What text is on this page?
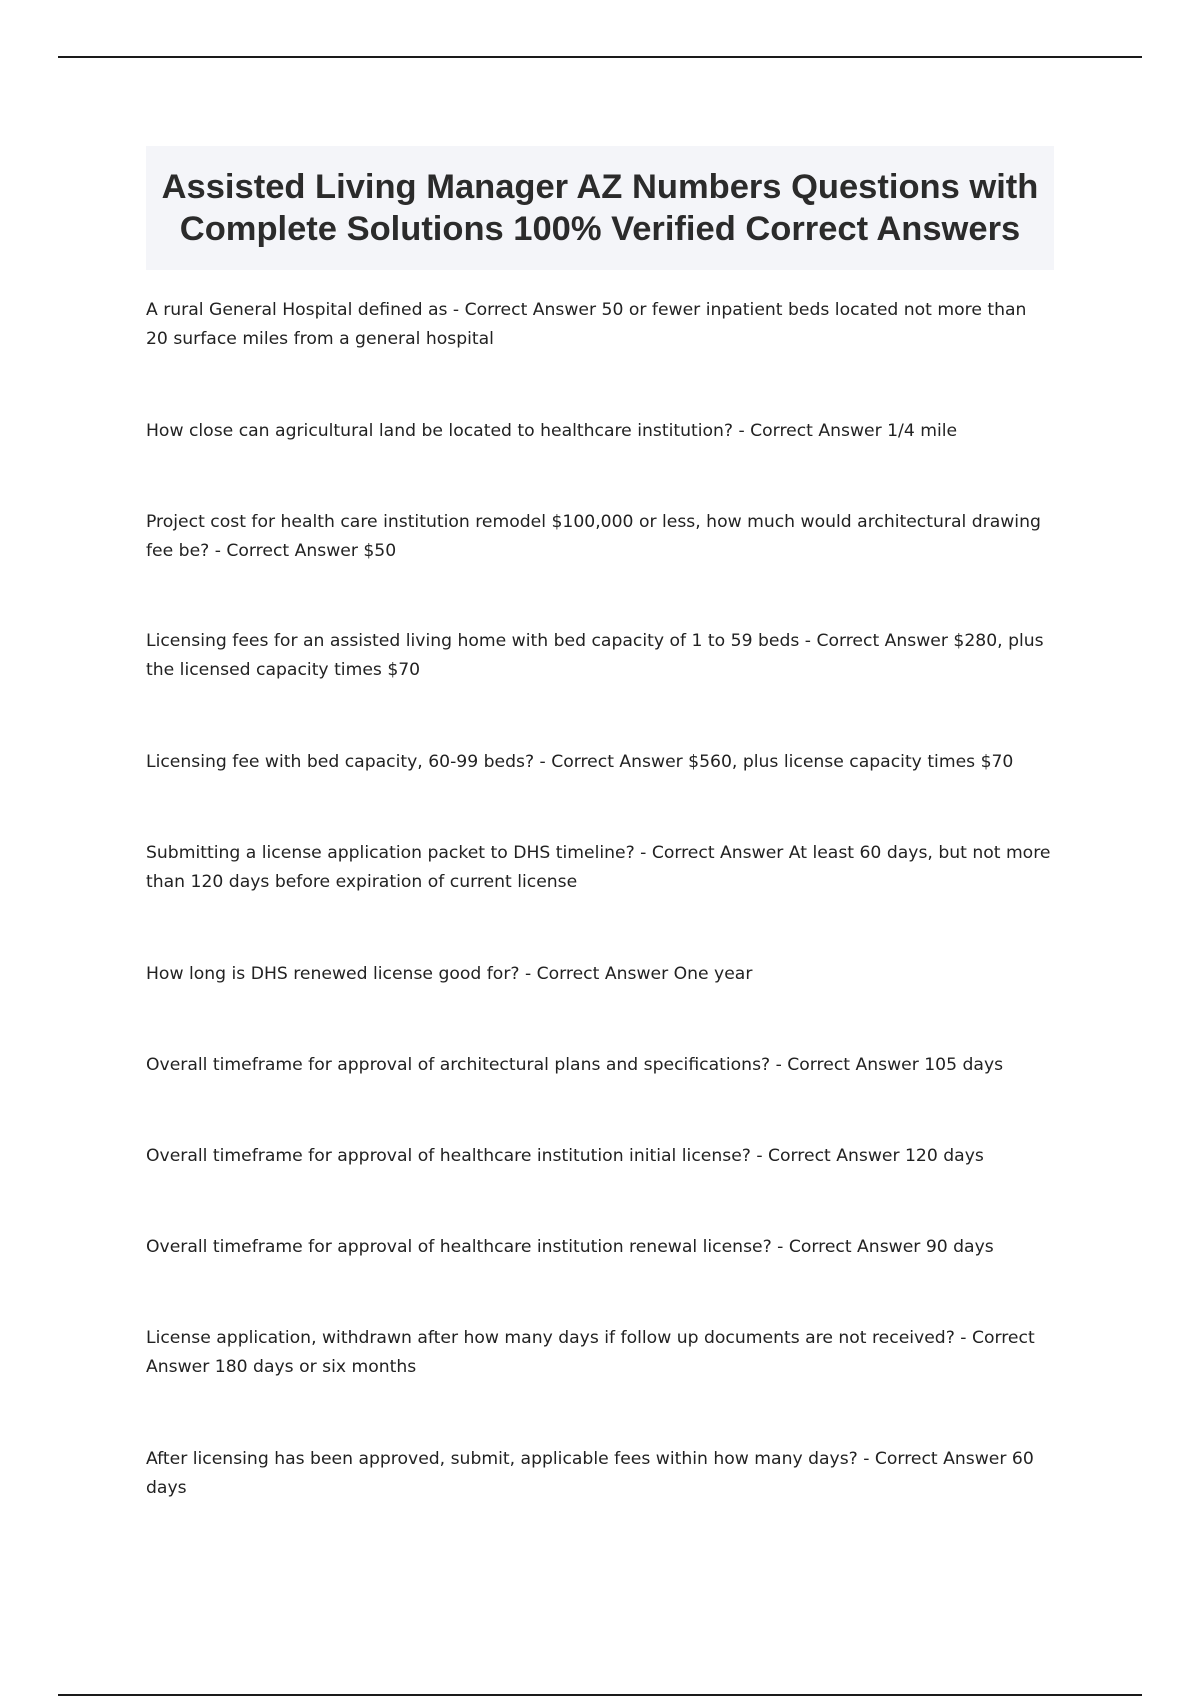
Assisted Living Manager AZ Numbers Questions with Complete Solutions 100% Verified Correct Answers
A rural General Hospital defined as - Correct Answer 50 or fewer inpatient beds located not more than 20 surface miles from a general hospital
How close can agricultural land be located to healthcare institution? - Correct Answer 1/4 mile
Project cost for health care institution remodel $100,000 or less, how much would architectural drawing fee be? - Correct Answer $50
Licensing fees for an assisted living home with bed capacity of 1 to 59 beds - Correct Answer $280, plus the licensed capacity times $70
Licensing fee with bed capacity, 60-99 beds? - Correct Answer $560, plus license capacity times $70
Submitting a license application packet to DHS timeline? - Correct Answer At least 60 days, but not more than 120 days before expiration of current license
How long is DHS renewed license good for? - Correct Answer One year
Overall timeframe for approval of architectural plans and specifications? - Correct Answer 105 days
Overall timeframe for approval of healthcare institution initial license? - Correct Answer 120 days
Overall timeframe for approval of healthcare institution renewal license? - Correct Answer 90 days
License application, withdrawn after how many days if follow up documents are not received? - Correct Answer 180 days or six months
After licensing has been approved, submit, applicable fees within how many days? - Correct Answer 60 days
